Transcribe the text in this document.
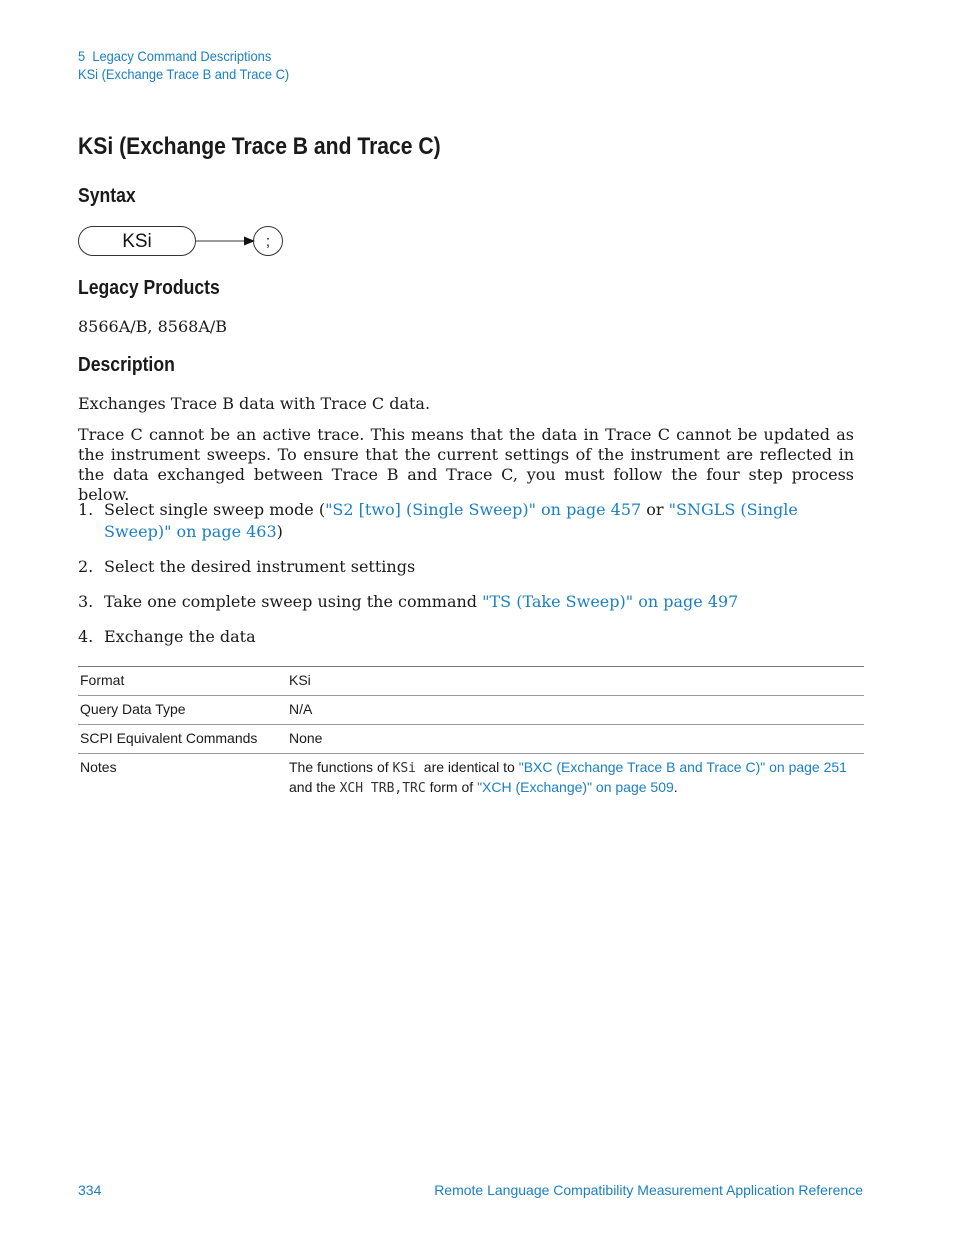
5  Legacy Command Descriptions
KSi (Exchange Trace B and Trace C)
KSi (Exchange Trace B and Trace C)
Syntax
KSi	;
Legacy Products

8566A/B, 8568A/B

Description

Exchanges Trace B data with Trace C data.

Trace C cannot be an active trace. This means that the data in Trace C cannot be updated as the instrument sweeps. To ensure that the current settings of the instrument are reflected in the data exchanged between Trace B and Trace C, you must follow the four step process below.

1. Select single sweep mode ("S2 [two] (Single Sweep)" on page 457 or "SNGLS (Single Sweep)" on page 463)
2. Select the desired instrument settings
3. Take one complete sweep using the command "TS (Take Sweep)" on page 497
4. Exchange the data
Format	KSi
Query Data Type	N/A
SCPI Equivalent Commands	None
Notes	The functions of KSi  are identical to "BXC (Exchange Trace B and Trace C)" on page 251
and the XCH TRB,TRC form of "XCH (Exchange)" on page 509.
334	Remote Language Compatibility Measurement Application Reference
